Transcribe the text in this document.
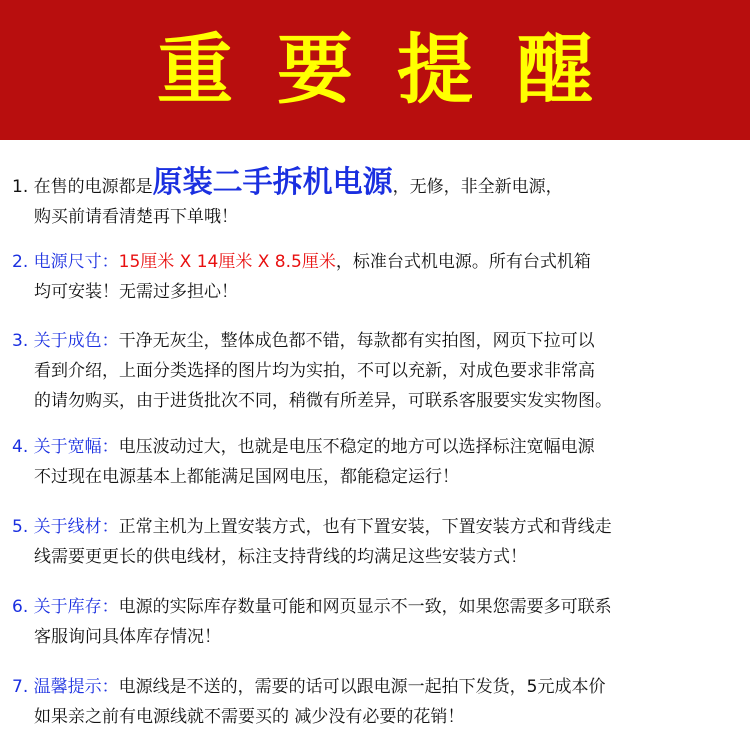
重要提醒
1. 在售的电源都是原装二手拆机电源，无修，非全新电源，
购买前请看清楚再下单哦！
2. 电源尺寸：15厘米 X 14厘米 X 8.5厘米，标准台式机电源。所有台式机箱
均可安装！无需过多担心！
3. 关于成色：干净无灰尘，整体成色都不错，每款都有实拍图，网页下拉可以
看到介绍，上面分类选择的图片均为实拍，不可以充新，对成色要求非常高
的请勿购买，由于进货批次不同，稍微有所差异，可联系客服要实发实物图。
4. 关于宽幅：电压波动过大，也就是电压不稳定的地方可以选择标注宽幅电源
不过现在电源基本上都能满足国网电压，都能稳定运行！
5. 关于线材：正常主机为上置安装方式，也有下置安装，下置安装方式和背线走
线需要更更长的供电线材，标注支持背线的均满足这些安装方式！
6. 关于库存：电源的实际库存数量可能和网页显示不一致，如果您需要多可联系
客服询问具体库存情况！
7. 温馨提示：电源线是不送的，需要的话可以跟电源一起拍下发货，5元成本价
如果亲之前有电源线就不需要买的 减少没有必要的花销！
